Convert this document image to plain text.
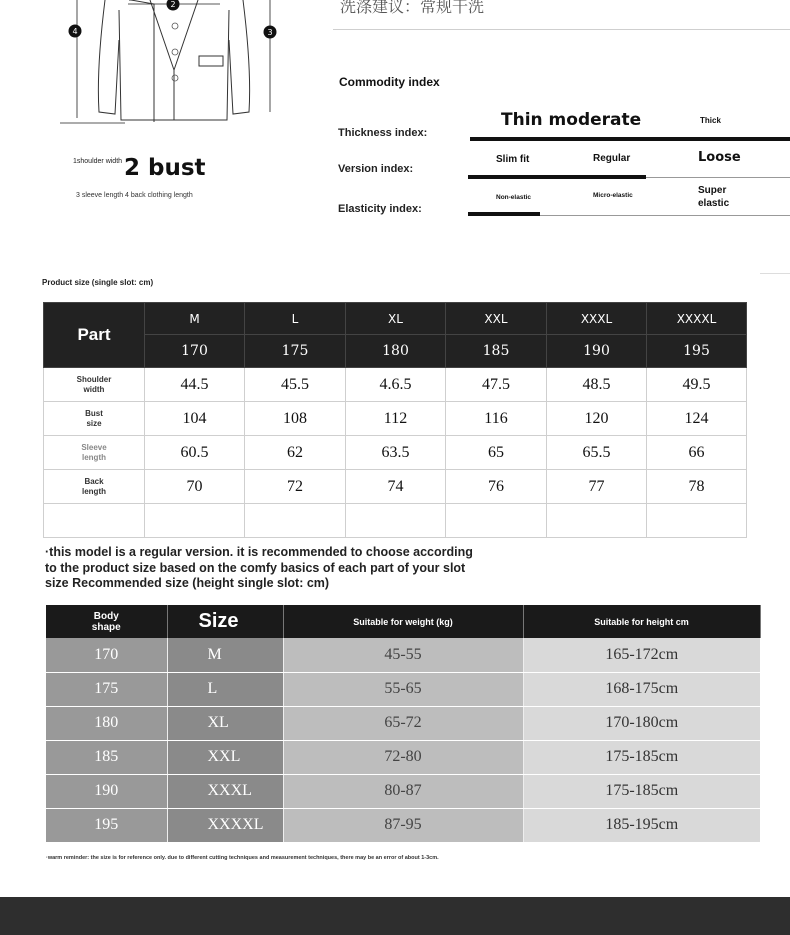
2
4	3
1shoulder width 2 bust
3 sleeve length 4 back clothing length
洗涤建议：常规干洗
Commodity index
Thickness index:
Version index:
Elasticity index:
Thin moderate	Thick
Slim fit	Regular	Loose
Non-elastic	Micro-elastic	Super elastic
Product size (single slot: cm)
Part	M	L	XL	XXL	XXXL	XXXXL
	170	175	180	185	190	195

Shoulder width	44.5	45.5	4.6.5	47.5	48.5	49.5

Bust size	104	108	112	116	120	124

Sleeve length	60.5	62	63.5	65	65.5	66

Back length	70	72	74	76	77	78

·this model is a regular version. it is recommended to choose according to the product size based on the comfy basics of each part of your slot size Recommended size (height single slot: cm)
Body shape	Size	Suitable for weight (kg)	Suitable for height cm
170	M	45-55	165-172cm
175	L	55-65	168-175cm
180	XL	65-72	170-180cm
185	XXL	72-80	175-185cm
190	XXXL	80-87	175-185cm
195	XXXXL	87-95	185-195cm
·warm reminder: the size is for reference only. due to different cutting techniques and measurement techniques, there may be an error of about 1-3cm.
